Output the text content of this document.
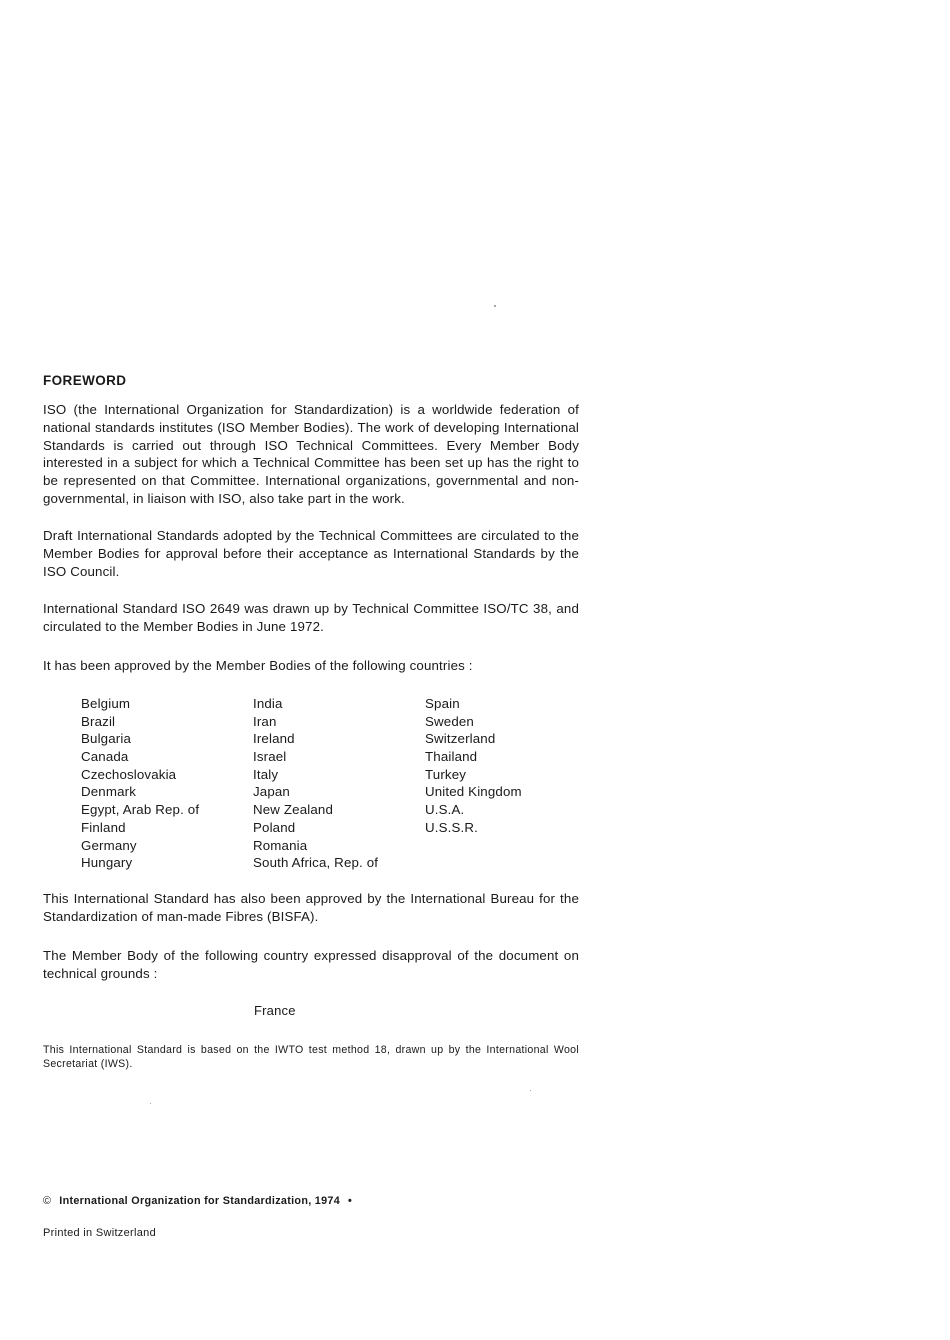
FOREWORD
ISO (the International Organization for Standardization) is a worldwide federation of national standards institutes (ISO Member Bodies). The work of developing International Standards is carried out through ISO Technical Committees. Every Member Body interested in a subject for which a Technical Committee has been set up has the right to be represented on that Committee. International organizations, governmental and non-governmental, in liaison with ISO, also take part in the work.
Draft International Standards adopted by the Technical Committees are circulated to the Member Bodies for approval before their acceptance as International Standards by the ISO Council.
International Standard ISO 2649 was drawn up by Technical Committee ISO/TC 38, and circulated to the Member Bodies in June 1972.
It has been approved by the Member Bodies of the following countries :
Belgium
Brazil
Bulgaria
Canada
Czechoslovakia
Denmark
Egypt, Arab Rep. of
Finland
Germany
Hungary
India
Iran
Ireland
Israel
Italy
Japan
New Zealand
Poland
Romania
South Africa, Rep. of
Spain
Sweden
Switzerland
Thailand
Turkey
United Kingdom
U.S.A.
U.S.S.R.
This International Standard has also been approved by the International Bureau for the Standardization of man-made Fibres (BISFA).
The Member Body of the following country expressed disapproval of the document on technical grounds :
France
This International Standard is based on the IWTO test method 18, drawn up by the International Wool Secretariat (IWS).
© International Organization for Standardization, 1974 •
Printed in Switzerland
